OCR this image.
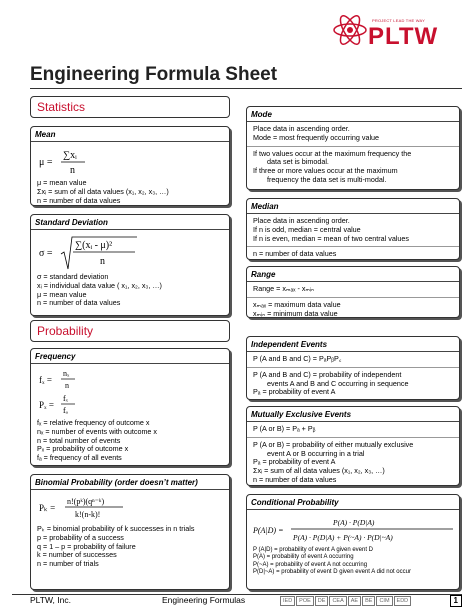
PROJECT LEAD THE WAY
PLTW
Engineering Formula Sheet
Statistics
Probability
Mean
μ =
∑xᵢ
n
μ = mean value
Σxᵢ = sum of all data values (x₁, x₂, x₃, …)
n = number of data values
Standard Deviation
σ =
∑(xᵢ - μ)²
n
σ = standard deviation
xᵢ = individual data value ( x₁, x₂, x₃, …)
μ = mean value
n = number of data values
Mode
Place data in ascending order.
Mode = most frequently occurring value
If two values occur at the maximum frequency the
data set is bimodal.
If three or more values occur at the maximum
frequency the data set is multi-modal.
Median
Place data in ascending order.
If n is odd, median = central value
If n is even, median = mean of two central values
n = number of data values
Range
Range = xₘₐₓ - xₘᵢₙ
xₘₐₓ = maximum data value
xₘᵢₙ = minimum data value
Frequency
fₓ =
nₓ
n
Pₓ =
fₓ
fₐ
fₓ = relative frequency of outcome x
nₓ = number of events with outcome x
n = total number of events
Pₓ = probability of outcome x
fₐ = frequency of all events
Binomial Probability (order doesn’t matter)
Pₖ =
n!(pᵏ)(qⁿ⁻ᵏ)
k!(n-k)!
Pₖ = binomial probability of k successes in n trials
p = probability of a success
q = 1 – p = probability of failure
k = number of successes
n = number of trials
Independent Events
P (A and B and C) = PₐPᵦP꜀
P (A and B and C) = probability of independent
events A and B and C occurring in sequence
Pₐ = probability of event A
Mutually Exclusive Events
P (A or B) = Pₐ + Pᵦ
P (A or B) = probability of either mutually exclusive
event A or B occurring in a trial
Pₐ = probability of event A
Σxᵢ = sum of all data values (x₁, x₂, x₃, …)
n = number of data values
Conditional Probability
P(A|D) =
P(A) · P(D|A)
P(A) · P(D|A) + P(~A) · P(D|~A)
P (A|D) = probability of event A given event D
P(A) = probability of event A occurring
P(~A) = probability of event A not occurring
P(D|~A) = probability of event D given event A did not occur
PLTW, Inc.	Engineering Formulas	IED	POE	DE	CEA	AE	BE	CIM	EDD	1
